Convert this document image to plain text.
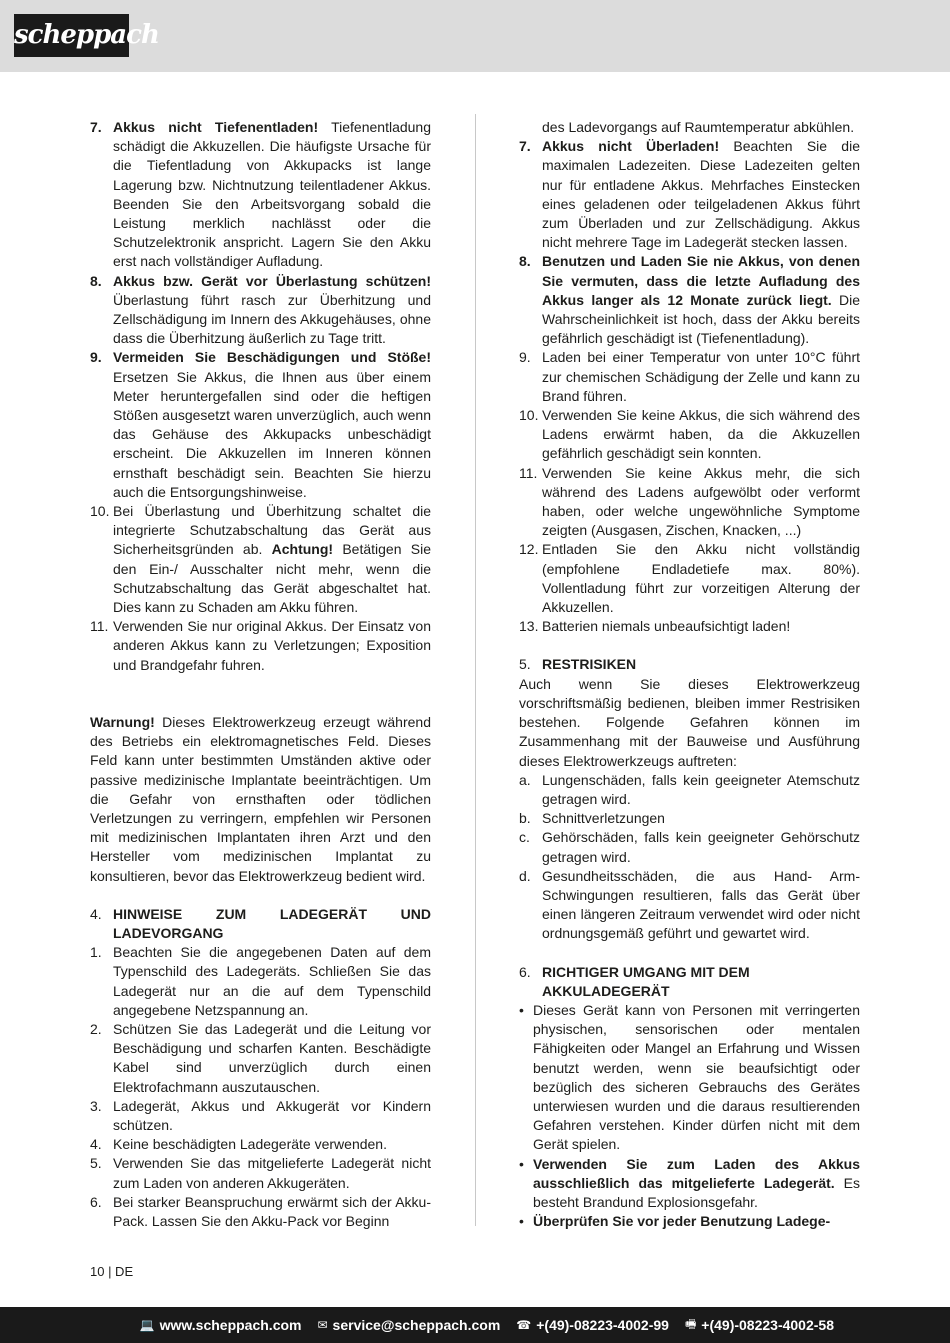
scheppach
7. Akkus nicht Tiefenentladen! Tiefenentladung schädigt die Akkuzellen. Die häufigste Ursache für die Tiefentladung von Akkupacks ist lange Lagerung bzw. Nichtnutzung teilentladener Akkus. Beenden Sie den Arbeitsvorgang sobald die Leistung merklich nachlässt oder die Schutzelektronik anspricht. Lagern Sie den Akku erst nach vollständiger Aufladung.
8. Akkus bzw. Gerät vor Überlastung schützen! Überlastung führt rasch zur Überhitzung und Zellschädigung im Innern des Akkugehäuses, ohne dass die Überhitzung äußerlich zu Tage tritt.
9. Vermeiden Sie Beschädigungen und Stöße! Ersetzen Sie Akkus, die Ihnen aus über einem Meter heruntergefallen sind oder die heftigen Stößen ausgesetzt waren unverzüglich, auch wenn das Gehäuse des Akkupacks unbeschädigt erscheint. Die Akkuzellen im Inneren können ernsthaft beschädigt sein. Beachten Sie hierzu auch die Entsorgungshinweise.
10. Bei Überlastung und Überhitzung schaltet die integrierte Schutzabschaltung das Gerät aus Sicherheitsgründen ab. Achtung! Betätigen Sie den Ein-/ Ausschalter nicht mehr, wenn die Schutzabschaltung das Gerät abgeschaltet hat. Dies kann zu Schaden am Akku führen.
11. Verwenden Sie nur original Akkus. Der Einsatz von anderen Akkus kann zu Verletzungen; Exposition und Brandgefahr fuhren.

Warnung! Dieses Elektrowerkzeug erzeugt während des Betriebs ein elektromagnetisches Feld. Dieses Feld kann unter bestimmten Umständen aktive oder passive medizinische Implantate beeinträchtigen. Um die Gefahr von ernsthaften oder tödlichen Verletzungen zu verringern, empfehlen wir Personen mit medizinischen Implantaten ihren Arzt und den Hersteller vom medizinischen Implantat zu konsultieren, bevor das Elektrowerkzeug bedient wird.

4. HINWEISE ZUM LADEGERÄT UND LADEVORGANG
1. Beachten Sie die angegebenen Daten auf dem Typenschild des Ladegeräts. Schließen Sie das Ladegerät nur an die auf dem Typenschild angegebene Netzspannung an.
2. Schützen Sie das Ladegerät und die Leitung vor Beschädigung und scharfen Kanten. Beschädigte Kabel sind unverzüglich durch einen Elektrofachmann auszutauschen.
3. Ladegerät, Akkus und Akkugerät vor Kindern schützen.
4. Keine beschädigten Ladegeräte verwenden.
5. Verwenden Sie das mitgelieferte Ladegerät nicht zum Laden von anderen Akkugeräten.
6. Bei starker Beanspruchung erwärmt sich der Akku-Pack. Lassen Sie den Akku-Pack vor Beginn

des Ladevorgangs auf Raumtemperatur abkühlen.

7. Akkus nicht Überladen! Beachten Sie die maximalen Ladezeiten. Diese Ladezeiten gelten nur für entladene Akkus. Mehrfaches Einstecken eines geladenen oder teilgeladenen Akkus führt zum Überladen und zur Zellschädigung. Akkus nicht mehrere Tage im Ladegerät stecken lassen.
8. Benutzen und Laden Sie nie Akkus, von denen Sie vermuten, dass die letzte Aufladung des Akkus langer als 12 Monate zurück liegt. Die Wahrscheinlichkeit ist hoch, dass der Akku bereits gefährlich geschädigt ist (Tiefenentladung).
9. Laden bei einer Temperatur von unter 10°C führt zur chemischen Schädigung der Zelle und kann zu Brand führen.
10. Verwenden Sie keine Akkus, die sich während des Ladens erwärmt haben, da die Akkuzellen gefährlich geschädigt sein konnten.
11. Verwenden Sie keine Akkus mehr, die sich während des Ladens aufgewölbt oder verformt haben, oder welche ungewöhnliche Symptome zeigten (Ausgasen, Zischen, Knacken, ...)
12. Entladen Sie den Akku nicht vollständig (empfohlene Endladetiefe max. 80%). Vollentladung führt zur vorzeitigen Alterung der Akkuzellen.
13. Batterien niemals unbeaufsichtigt laden!
5. RESTRISIKEN

Auch wenn Sie dieses Elektrowerkzeug vorschriftsmäßig bedienen, bleiben immer Restrisiken bestehen. Folgende Gefahren können im Zusammenhang mit der Bauweise und Ausführung dieses Elektrowerkzeugs auftreten:

a. Lungenschäden, falls kein geeigneter Atemschutz getragen wird.
b. Schnittverletzungen
c. Gehörschäden, falls kein geeigneter Gehörschutz getragen wird.
d. Gesundheitsschäden, die aus Hand- Arm-Schwingungen resultieren, falls das Gerät über einen längeren Zeitraum verwendet wird oder nicht ordnungsgemäß geführt und gewartet wird.
6. RICHTIGER UMGANG MIT DEM AKKULADEGERÄT
• Dieses Gerät kann von Personen mit verringerten physischen, sensorischen oder mentalen Fähigkeiten oder Mangel an Erfahrung und Wissen benutzt werden, wenn sie beaufsichtigt oder bezüglich des sicheren Gebrauchs des Gerätes unterwiesen wurden und die daraus resultierenden Gefahren verstehen. Kinder dürfen nicht mit dem Gerät spielen.
• Verwenden Sie zum Laden des Akkus ausschließlich das mitgelieferte Ladegerät. Es besteht Brandund Explosionsgefahr.
• Überprüfen Sie vor jeder Benutzung Ladege-
10 | DE
💻 www.scheppach.com ✉ service@scheppach.com ☎ +(49)-08223-4002-99 🖷 +(49)-08223-4002-58
